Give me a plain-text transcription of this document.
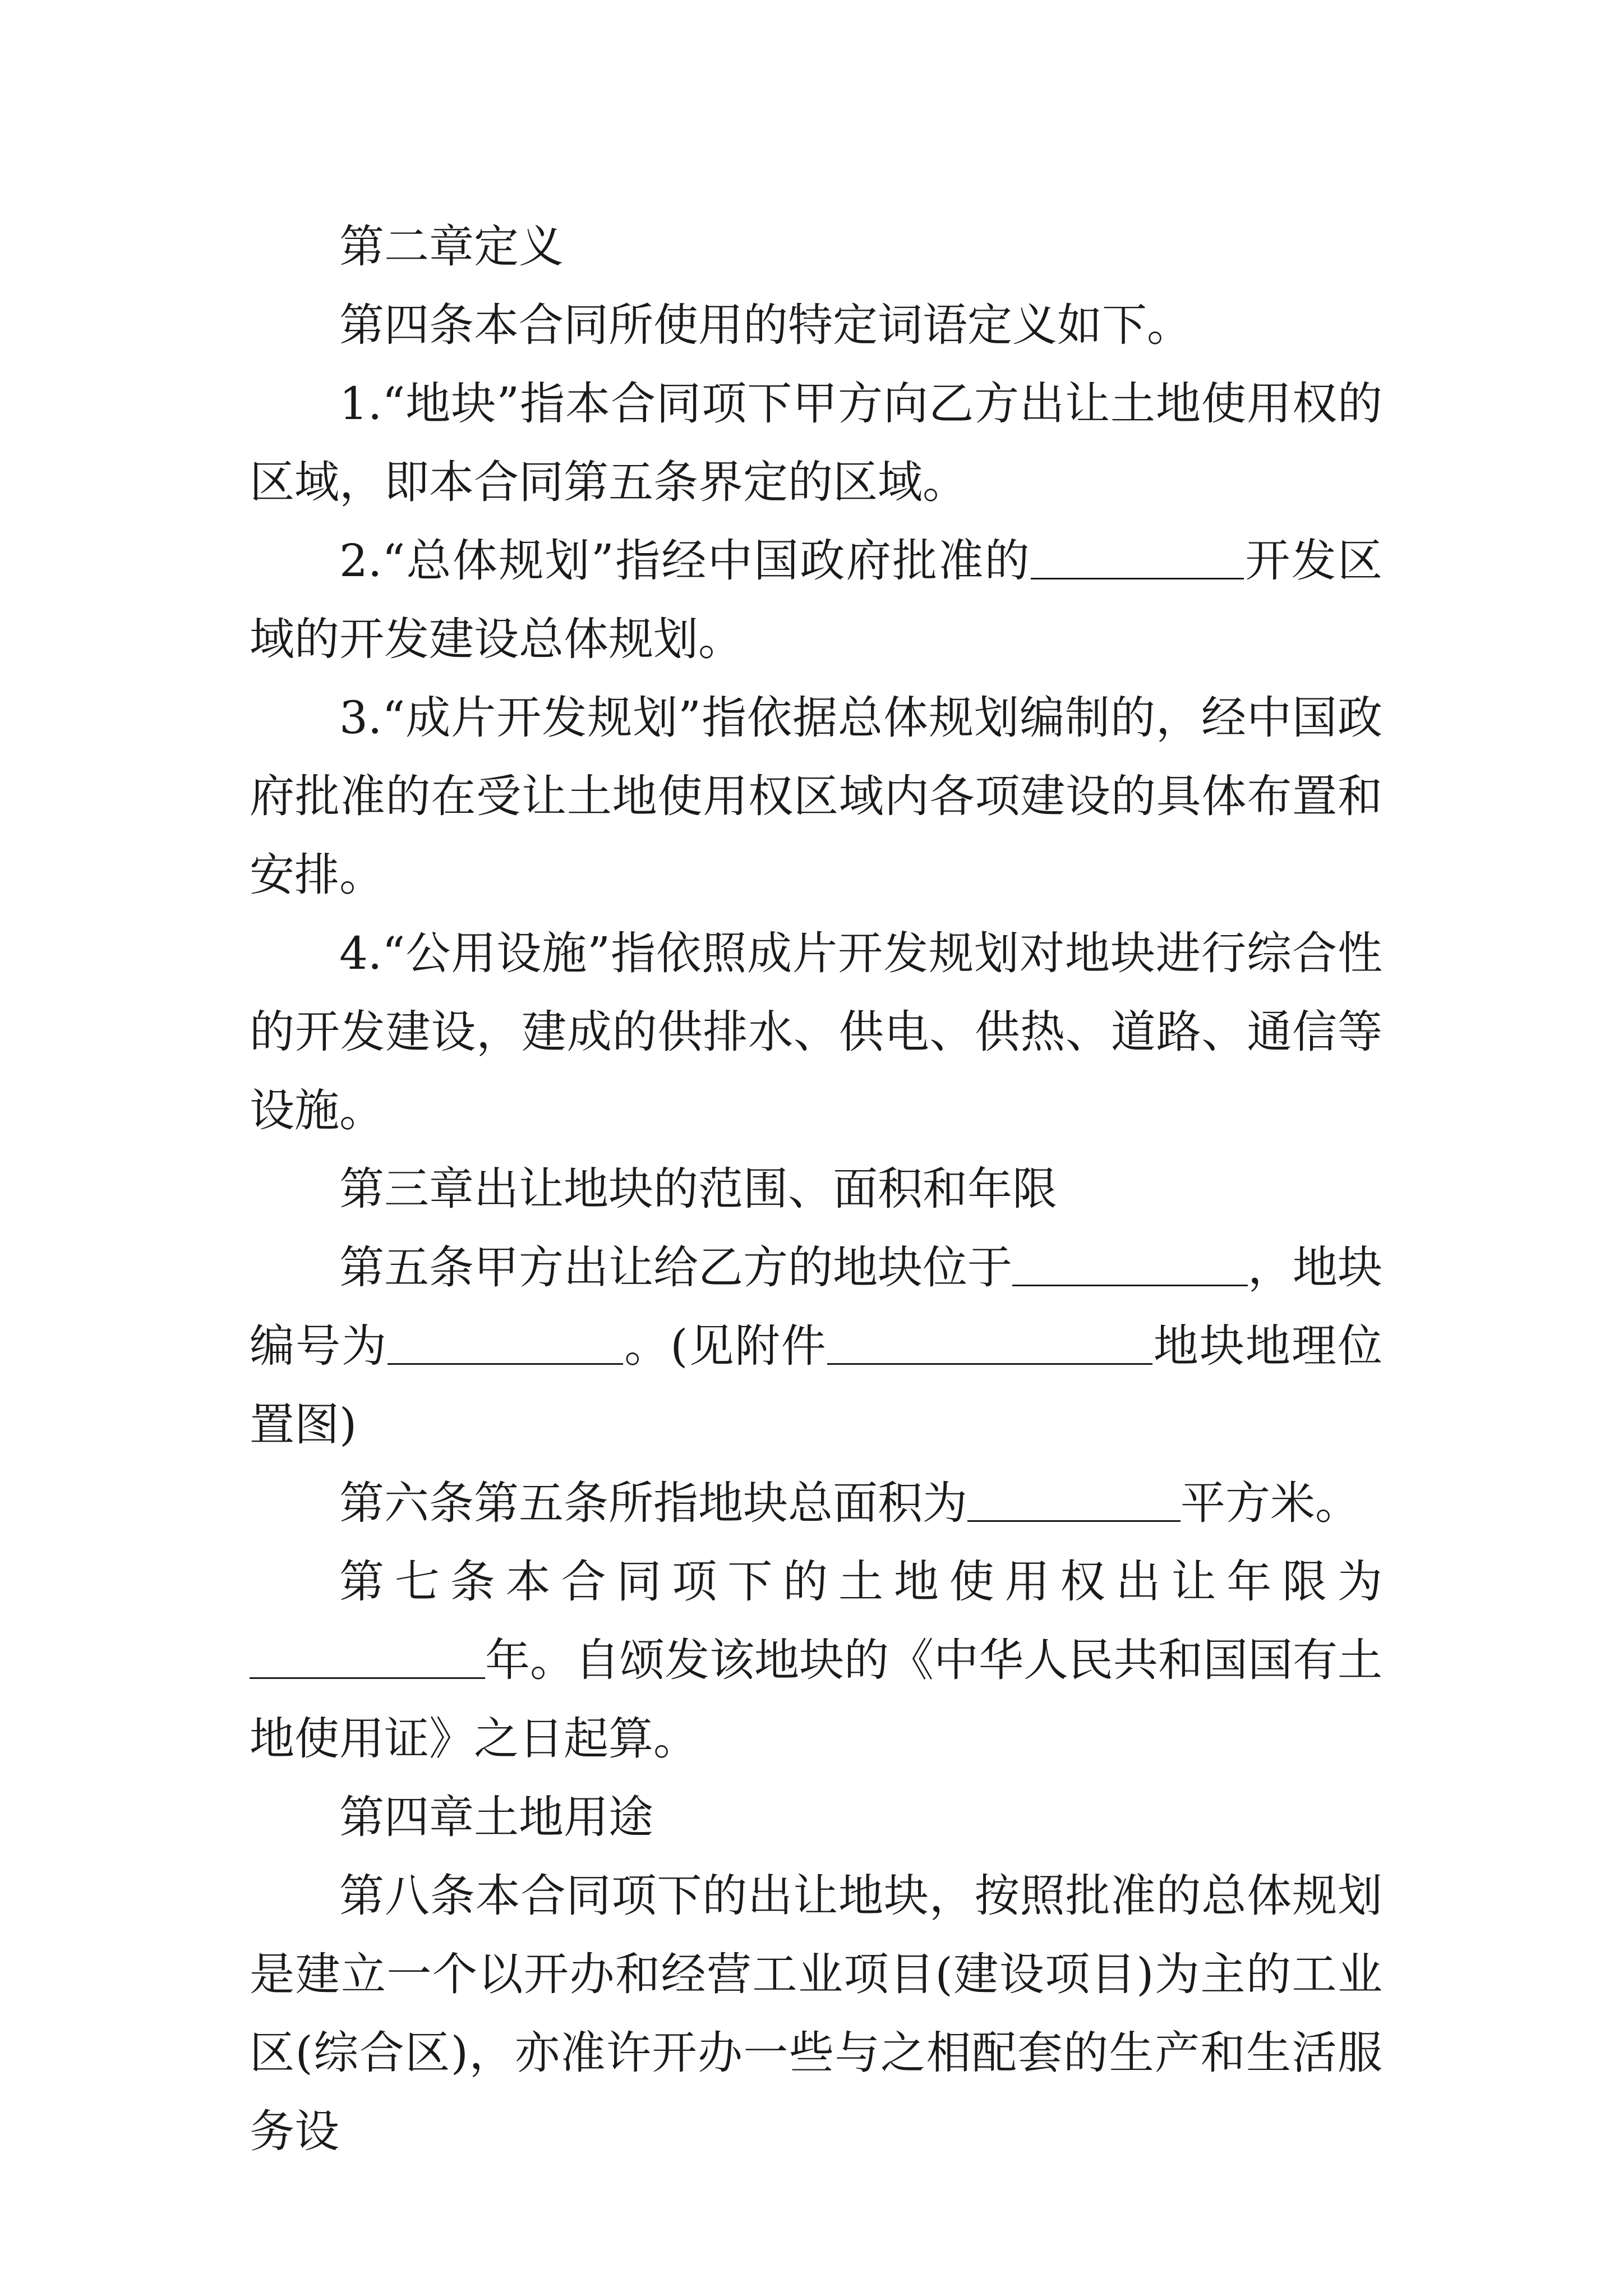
第二章定义

第四条本合同所使用的特定词语定义如下。

1.“地块”指本合同项下甲方向乙方出让土地使用权的区域，即本合同第五条界定的区域。

2.“总体规划”指经中国政府批准的	开发区域的开发建设总体规划。

3.“成片开发规划”指依据总体规划编制的，经中国政府批准的在受让土地使用权区域内各项建设的具体布置和安排。

4.“公用设施”指依照成片开发规划对地块进行综合性的开发建设，建成的供排水、供电、供热、道路、通信等设施。

第三章出让地块的范围、面积和年限

第五条甲方出让给乙方的地块位于	，地块编号为	。(见附件	地块地理位置图)

第六条第五条所指地块总面积为	平方米。

第七条本合同项下的土地使用权出让年限为年。自颂发该地块的《中华人民共和国国有土地使用证》之日起算。

第四章土地用途

第八条本合同项下的出让地块，按照批准的总体规划是建立一个以开办和经营工业项目(建设项目)为主的工业区(综合区)，亦准许开办一些与之相配套的生产和生活服务设
